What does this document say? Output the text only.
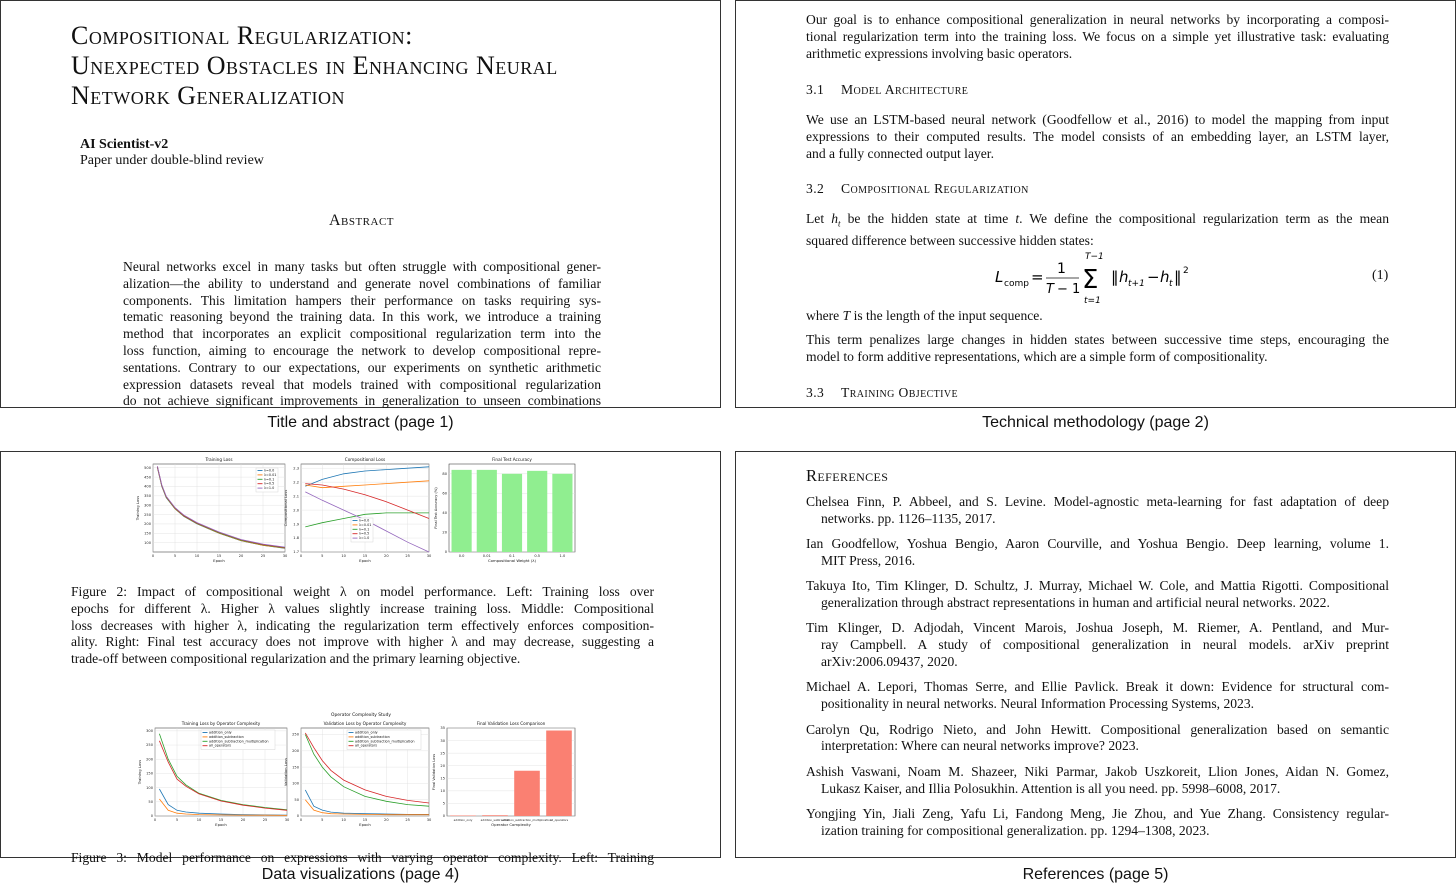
Compositional Regularization:
Unexpected Obstacles in Enhancing Neural
Network Generalization
AI Scientist-v2
Paper under double-blind review
Abstract
Neural networks excel in many tasks but often struggle with compositional gener-
alization—the ability to understand and generate novel combinations of familiar
components. This limitation hampers their performance on tasks requiring sys-
tematic reasoning beyond the training data. In this work, we introduce a training
method that incorporates an explicit compositional regularization term into the
loss function, aiming to encourage the network to develop compositional repre-
sentations. Contrary to our expectations, our experiments on synthetic arithmetic
expression datasets reveal that models trained with compositional regularization
do not achieve significant improvements in generalization to unseen combinations
Title and abstract (page 1)
Our goal is to enhance compositional generalization in neural networks by incorporating a composi-
tional regularization term into the training loss. We focus on a simple yet illustrative task: evaluating
arithmetic expressions involving basic operators.
3.1 Model Architecture
We use an LSTM-based neural network (Goodfellow et al., 2016) to model the mapping from input
expressions to their computed results. The model consists of an embedding layer, an LSTM layer,
and a fully connected output layer.
3.2 Compositional Regularization
Let $h_t$ be the hidden state at time t. We define the compositional regularization term as the mean
squared difference between successive hidden states:
L comp = 1
T − 1
T−1
Σ
t=1
‖ h t+1 − h t ‖ 2	(1)
where T is the length of the input sequence.
This term penalizes large changes in hidden states between successive time steps, encouraging the
model to form additive representations, which are a simple form of compositionality.
3.3 Training Objective
Technical methodology (page 2)
0	5	10	15	20	25	30
100
150
200
250
300
350
400
450
500
Training Loss
Epoch
Training Loss
λ=0.0
λ=0.01
λ=0.1
λ=0.5
λ=1.0
0	5	10	15	20	25	30
1.7
1.8
1.9
2.0
2.1
2.2
2.3
Compositional Loss
Epoch
Compositional Loss	λ=0.0
λ=0.01
λ=0.1
λ=0.5
λ=1.0
0
20
40
60
80
0.0	0.01	0.1	0.5	1.0
Final Test Accuracy
Compositional Weight (λ)
Final Test Accuracy (%)
Figure 2: Impact of compositional weight λ on model performance. Left: Training loss over
epochs for different λ. Higher λ values slightly increase training loss. Middle: Compositional
loss decreases with higher λ, indicating the regularization term effectively enforces composition-
ality. Right: Final test accuracy does not improve with higher λ and may decrease, suggesting a
trade-off between compositional regularization and the primary learning objective.
Operator Complexity Study
0	5	10	15	20	25	30
0
50
100
150
200
250
300
Training Loss by Operator Complexity
Epoch
Training Loss
addition_only
addition_subtraction
addition_subtraction_multiplication
all_operators
0	5	10	15	20	25	30
0
50
100
150
200
250
Validation Loss by Operator Complexity
Epoch
Validation Loss
addition_only
addition_subtraction
addition_subtraction_multiplication
all_operators
0
5
10
15
20
25
30
35
addition_only	addition_subtraction
addition_subtraction_multiplication
all_operators
Final Validation Loss Comparison
Operator Complexity
Final Validation Loss
Figure 3: Model performance on expressions with varying operator complexity. Left: Training
Data visualizations (page 4)
References
Chelsea Finn, P. Abbeel, and S. Levine. Model-agnostic meta-learning for fast adaptation of deep
networks. pp. 1126–1135, 2017.
Ian Goodfellow, Yoshua Bengio, Aaron Courville, and Yoshua Bengio. Deep learning, volume 1.
MIT Press, 2016.
Takuya Ito, Tim Klinger, D. Schultz, J. Murray, Michael W. Cole, and Mattia Rigotti. Compositional
generalization through abstract representations in human and artificial neural networks. 2022.
Tim Klinger, D. Adjodah, Vincent Marois, Joshua Joseph, M. Riemer, A. Pentland, and Mur-
ray Campbell. A study of compositional generalization in neural models. arXiv preprint
arXiv:2006.09437, 2020.
Michael A. Lepori, Thomas Serre, and Ellie Pavlick. Break it down: Evidence for structural com-
positionality in neural networks. Neural Information Processing Systems, 2023.
Carolyn Qu, Rodrigo Nieto, and John Hewitt. Compositional generalization based on semantic
interpretation: Where can neural networks improve? 2023.
Ashish Vaswani, Noam M. Shazeer, Niki Parmar, Jakob Uszkoreit, Llion Jones, Aidan N. Gomez,
Lukasz Kaiser, and Illia Polosukhin. Attention is all you need. pp. 5998–6008, 2017.
Yongjing Yin, Jiali Zeng, Yafu Li, Fandong Meng, Jie Zhou, and Yue Zhang. Consistency regular-
ization training for compositional generalization. pp. 1294–1308, 2023.
References (page 5)
